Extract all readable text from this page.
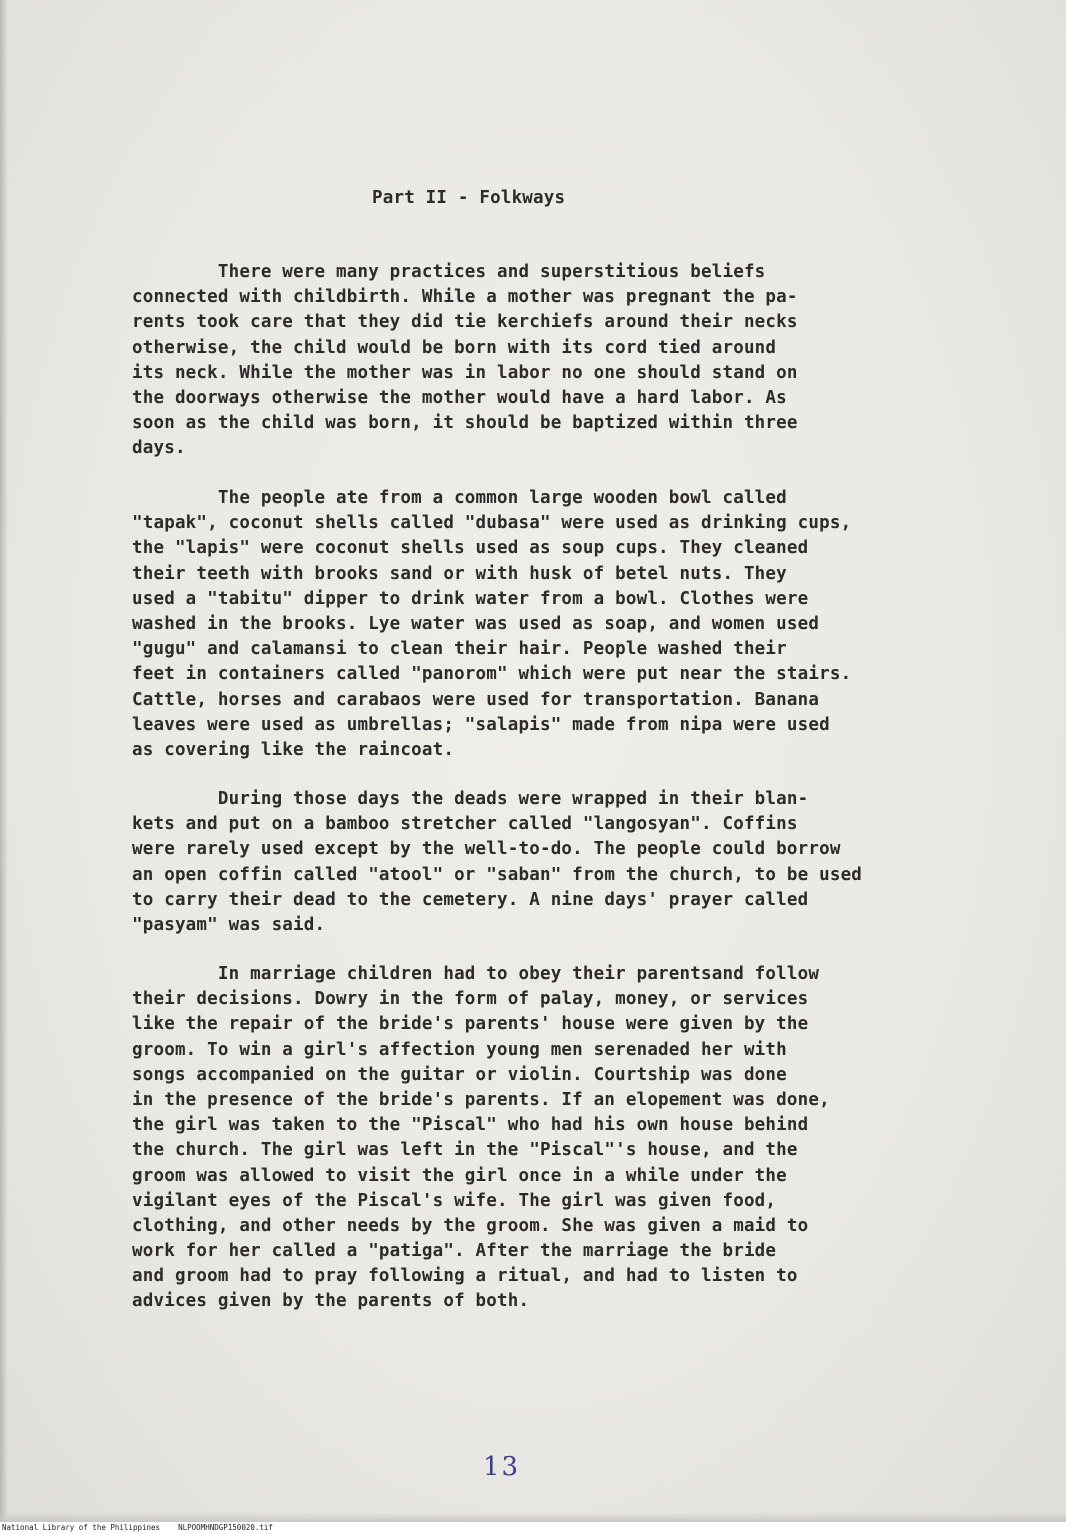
Part II - Folkways
There were many practices and superstitious beliefs
connected with childbirth. While a mother was pregnant the pa-
rents took care that they did tie kerchiefs around their necks
otherwise, the child would be born with its cord tied around
its neck. While the mother was in labor no one should stand on
the doorways otherwise the mother would have a hard labor. As
soon as the child was born, it should be baptized within three
days.
The people ate from a common large wooden bowl called
"tapak", coconut shells called "dubasa" were used as drinking cups,
the "lapis" were coconut shells used as soup cups. They cleaned
their teeth with brooks sand or with husk of betel nuts. They
used a "tabitu" dipper to drink water from a bowl. Clothes were
washed in the brooks. Lye water was used as soap, and women used
"gugu" and calamansi to clean their hair. People washed their
feet in containers called "panorom" which were put near the stairs.
Cattle, horses and carabaos were used for transportation. Banana
leaves were used as umbrellas; "salapis" made from nipa were used
as covering like the raincoat.
During those days the deads were wrapped in their blan-
kets and put on a bamboo stretcher called "langosyan". Coffins
were rarely used except by the well-to-do. The people could borrow
an open coffin called "atool" or "saban" from the church, to be used
to carry their dead to the cemetery. A nine days' prayer called
"pasyam" was said.
In marriage children had to obey their parentsand follow
their decisions. Dowry in the form of palay, money, or services
like the repair of the bride's parents' house were given by the
groom. To win a girl's affection young men serenaded her with
songs accompanied on the guitar or violin. Courtship was done
in the presence of the bride's parents. If an elopement was done,
the girl was taken to the "Piscal" who had his own house behind
the church. The girl was left in the "Piscal"'s house, and the
groom was allowed to visit the girl once in a while under the
vigilant eyes of the Piscal's wife. The girl was given food,
clothing, and other needs by the groom. She was given a maid to
work for her called a "patiga". After the marriage the bride
and groom had to pray following a ritual, and had to listen to
advices given by the parents of both.
13
National Library of the Philippines    NLPOOMHNDGP150020.tif
